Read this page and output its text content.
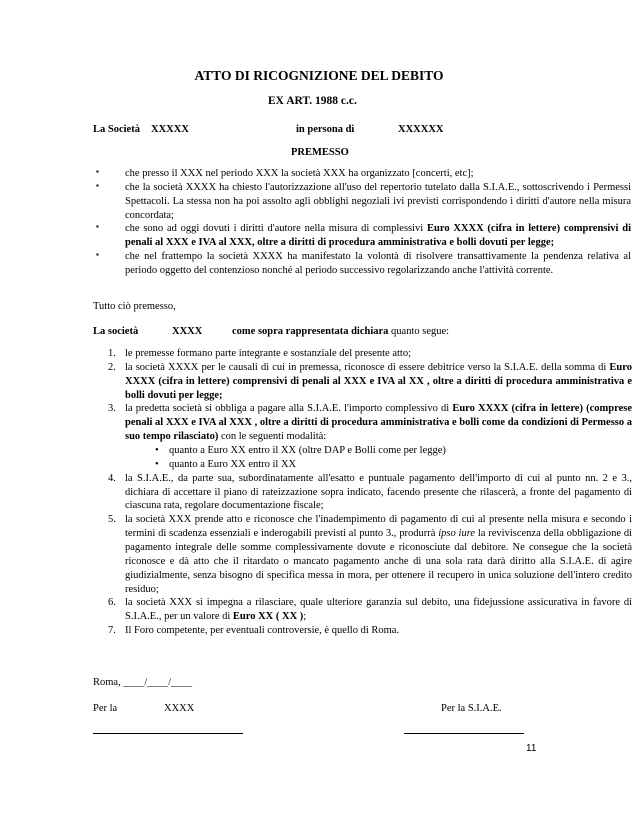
ATTO DI RICOGNIZIONE DEL DEBITO
EX ART. 1988 c.c.
La Società XXXXX	in persona di	XXXXXX
PREMESSO
▪ che presso il XXX nel periodo XXX la società XXX ha organizzato [concerti, etc];
▪ che la società XXXX ha chiesto l'autorizzazione all'uso del repertorio tutelato dalla S.I.A.E., sottoscrivendo i Permessi Spettacoli. La stessa non ha poi assolto agli obblighi negoziali ivi previsti corrispondendo i diritti d'autore nella misura concordata;
▪ che sono ad oggi dovuti i diritti d'autore nella misura di complessivi Euro XXXX (cifra in lettere) comprensivi di penali al XXX e IVA al XXX, oltre a diritti di procedura amministrativa e bolli dovuti per legge;
▪ che nel frattempo la società XXXX ha manifestato la volontà di risolvere transattivamente la pendenza relativa al periodo oggetto del contenzioso nonché al periodo successivo regolarizzando anche l'attività corrente.
Tutto ciò premesso,
La società	XXXX	come sopra rappresentata dichiara quanto segue:
1. le premesse formano parte integrante e sostanziale del presente atto;
2. la società XXXX per le causali di cui in premessa, riconosce di essere debitrice verso la S.I.A.E. della somma di Euro XXXX (cifra in lettere) comprensivi di penali al XXX e IVA al XX , oltre a diritti di procedura amministrativa e bolli dovuti per legge;
3. la predetta società si obbliga a pagare alla S.I.A.E. l'importo complessivo di Euro XXXX (cifra in lettere) (comprese penali al XXX e IVA al XXX , oltre a diritti di procedura amministrativa e bolli come da condizioni di Permesso a suo tempo rilasciato) con le seguenti modalità:
• quanto a Euro XX entro il XX (oltre DAP e Bolli come per legge)
• quanto a Euro XX entro il XX
4. la S.I.A.E., da parte sua, subordinatamente all'esatto e puntuale pagamento dell'importo di cui al punto nn. 2 e 3., dichiara di accettare il piano di rateizzazione sopra indicato, facendo presente che rilascerà, a fronte del pagamento di ciascuna rata, regolare documentazione fiscale;
5. la società XXX prende atto e riconosce che l'inadempimento di pagamento di cui al presente nella misura e secondo i termini di scadenza essenziali e inderogabili previsti al punto 3., produrrà ipso iure la reviviscenza della obbligazione di pagamento integrale delle somme complessivamente dovute e riconosciute dal debitore. Ne consegue che la società riconosce e dà atto che il ritardato o mancato pagamento anche di una sola rata darà diritto alla S.I.A.E. di agire giudizialmente, senza bisogno di specifica messa in mora, per ottenere il recupero in unica soluzione dell'intero credito residuo;
6. la società XXX si impegna a rilasciare, quale ulteriore garanzia sul debito, una fidejussione assicurativa in favore di S.I.A.E., per un valore di Euro XX ( XX );
7. Il Foro competente, per eventuali controversie, è quello di Roma.
Roma, ____/____/____
Per la	XXXX	Per la S.I.A.E.
11
